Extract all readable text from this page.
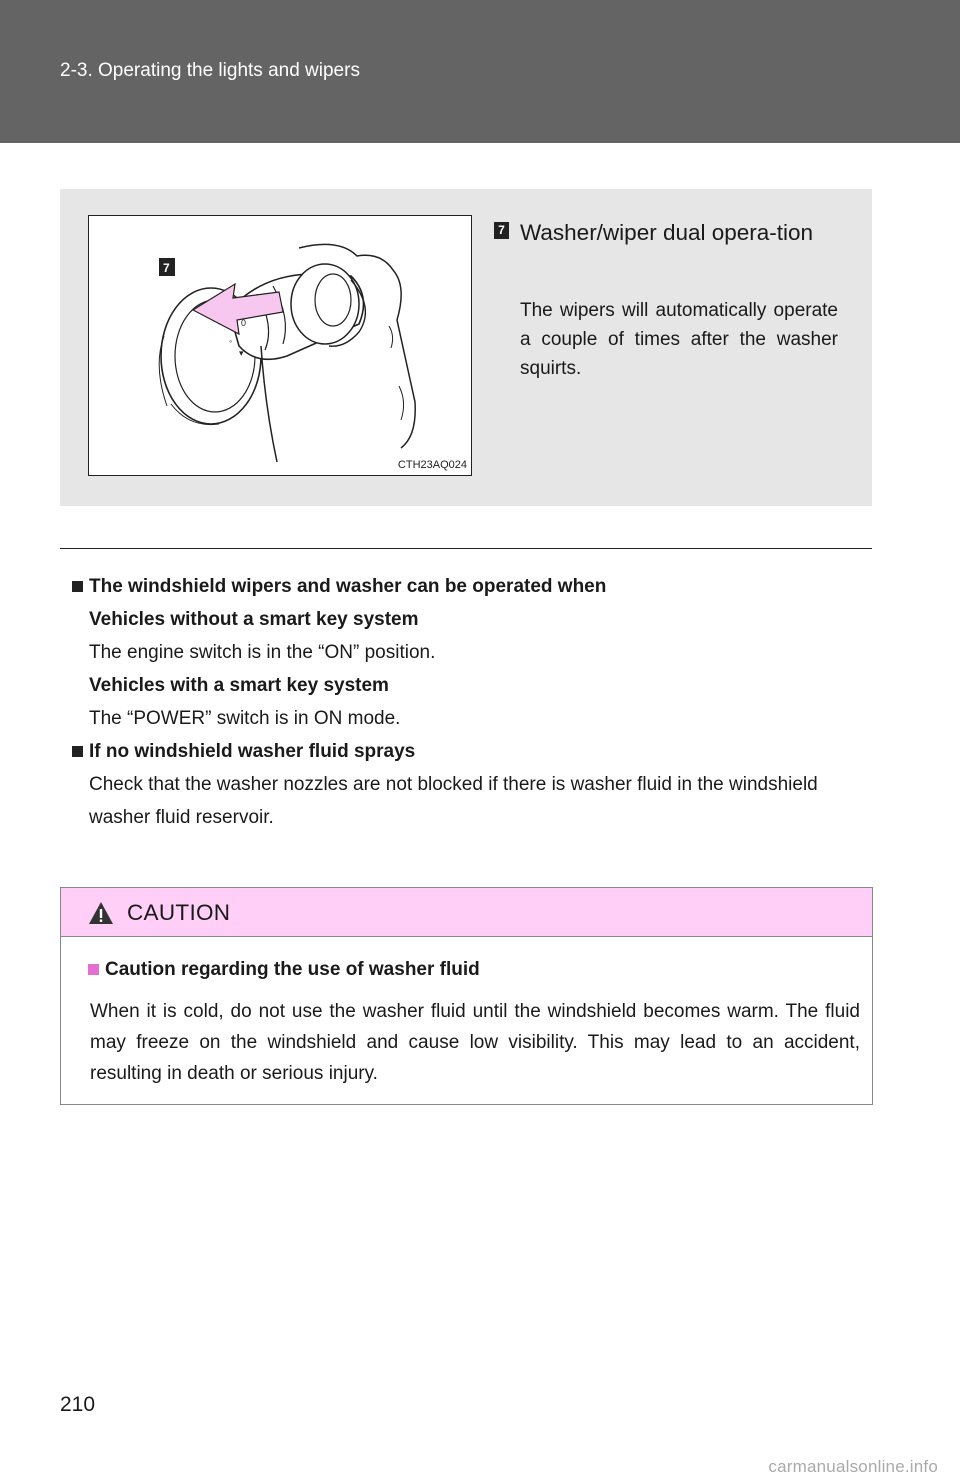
2-3. Operating the lights and wipers
0
◦
▾
7
CTH23AQ024
7 Washer/wiper dual opera-tion
The wipers will automatically operate a couple of times after the washer squirts.

The windshield wipers and washer can be operated when

Vehicles without a smart key system

The engine switch is in the “ON” position.

Vehicles with a smart key system

The “POWER” switch is in ON mode.

If no windshield washer fluid sprays

Check that the washer nozzles are not blocked if there is washer fluid in the windshield washer fluid reservoir.

CAUTION

Caution regarding the use of washer fluid

When it is cold, do not use the washer fluid until the windshield becomes warm. The fluid may freeze on the windshield and cause low visibility. This may lead to an accident, resulting in death or serious injury.

210
carmanualsonline.info
